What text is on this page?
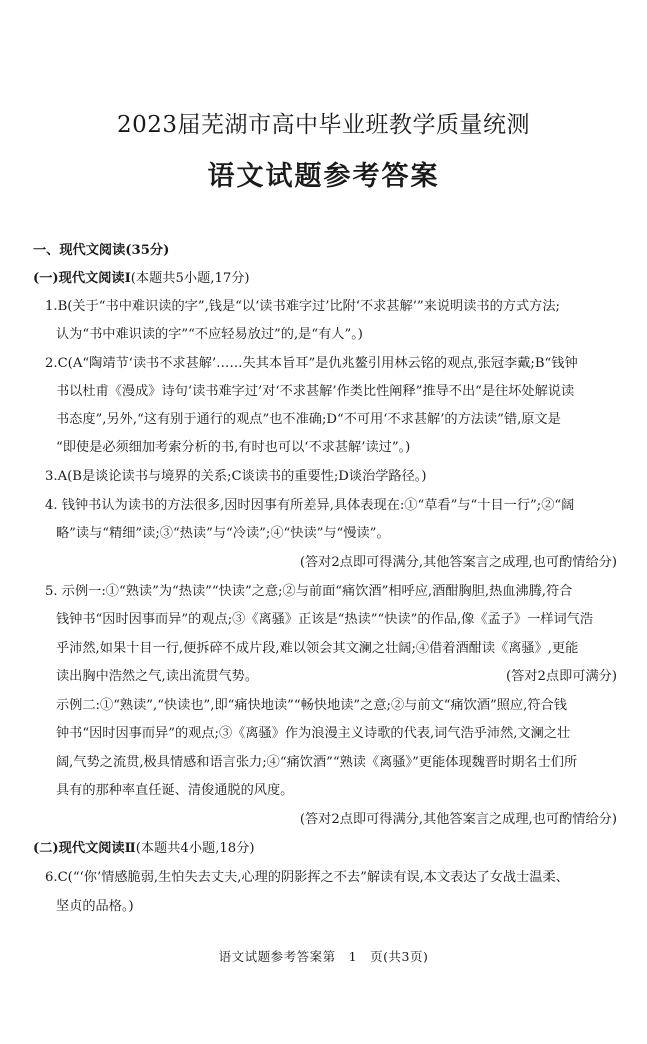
2023届芜湖市高中毕业班教学质量统测
语文试题参考答案
一、现代文阅读(35分)
(一)现代文阅读Ⅰ(本题共5小题,17分)
1.B(关于“书中难识读的字”,钱是“以‘读书难字过’比附‘不求甚解’”来说明读书的方式方法;
认为“书中难识读的字”“不应轻易放过”的,是“有人”。)
2.C(A“陶靖节‘读书不求甚解’……失其本旨耳”是仇兆鳌引用林云铭的观点,张冠李戴;B“钱钟
书以杜甫《漫成》诗句‘读书难字过’对‘不求甚解’作类比性阐释”推导不出“是往坏处解说读
书态度”,另外,“这有别于通行的观点”也不准确;D“不可用‘不求甚解’的方法读”错,原文是
“即使是必须细加考索分析的书,有时也可以‘不求甚解’读过”。)
3.A(B是谈论读书与境界的关系;C谈读书的重要性;D谈治学路径。)
4. 钱钟书认为读书的方法很多,因时因事有所差异,具体表现在:①“草看”与“十目一行”;②“阔
略”读与“精细”读;③“热读”与“冷读”;④“快读”与“慢读”。
(答对2点即可得满分,其他答案言之成理,也可酌情给分)
5. 示例一:①“熟读”为“热读”“快读”之意;②与前面“痛饮酒”相呼应,酒酣胸胆,热血沸腾,符合
钱钟书“因时因事而异”的观点;③《离骚》正该是“热读”“快读”的作品,像《孟子》一样词气浩
乎沛然,如果十目一行,便拆碎不成片段,难以领会其文澜之壮阔;④借着酒酣读《离骚》,更能
读出胸中浩然之气,读出流贯气势。	(答对2点即可满分)
示例二:①“熟读”,“快读也”,即“痛快地读”“畅快地读”之意;②与前文“痛饮酒”照应,符合钱
钟书“因时因事而异”的观点;③《离骚》作为浪漫主义诗歌的代表,词气浩乎沛然,文澜之壮
阔,气势之流贯,极具情感和语言张力;④“痛饮酒”“熟读《离骚》”更能体现魏晋时期名士们所
具有的那种率直任诞、清俊通脱的风度。
(答对2点即可得满分,其他答案言之成理,也可酌情给分)
(二)现代文阅读Ⅱ(本题共4小题,18分)
6.C(“‘你’情感脆弱,生怕失去丈夫,心理的阴影挥之不去”解读有误,本文表达了女战士温柔、
坚贞的品格。)
语文试题参考答案第　1　页(共3页)
